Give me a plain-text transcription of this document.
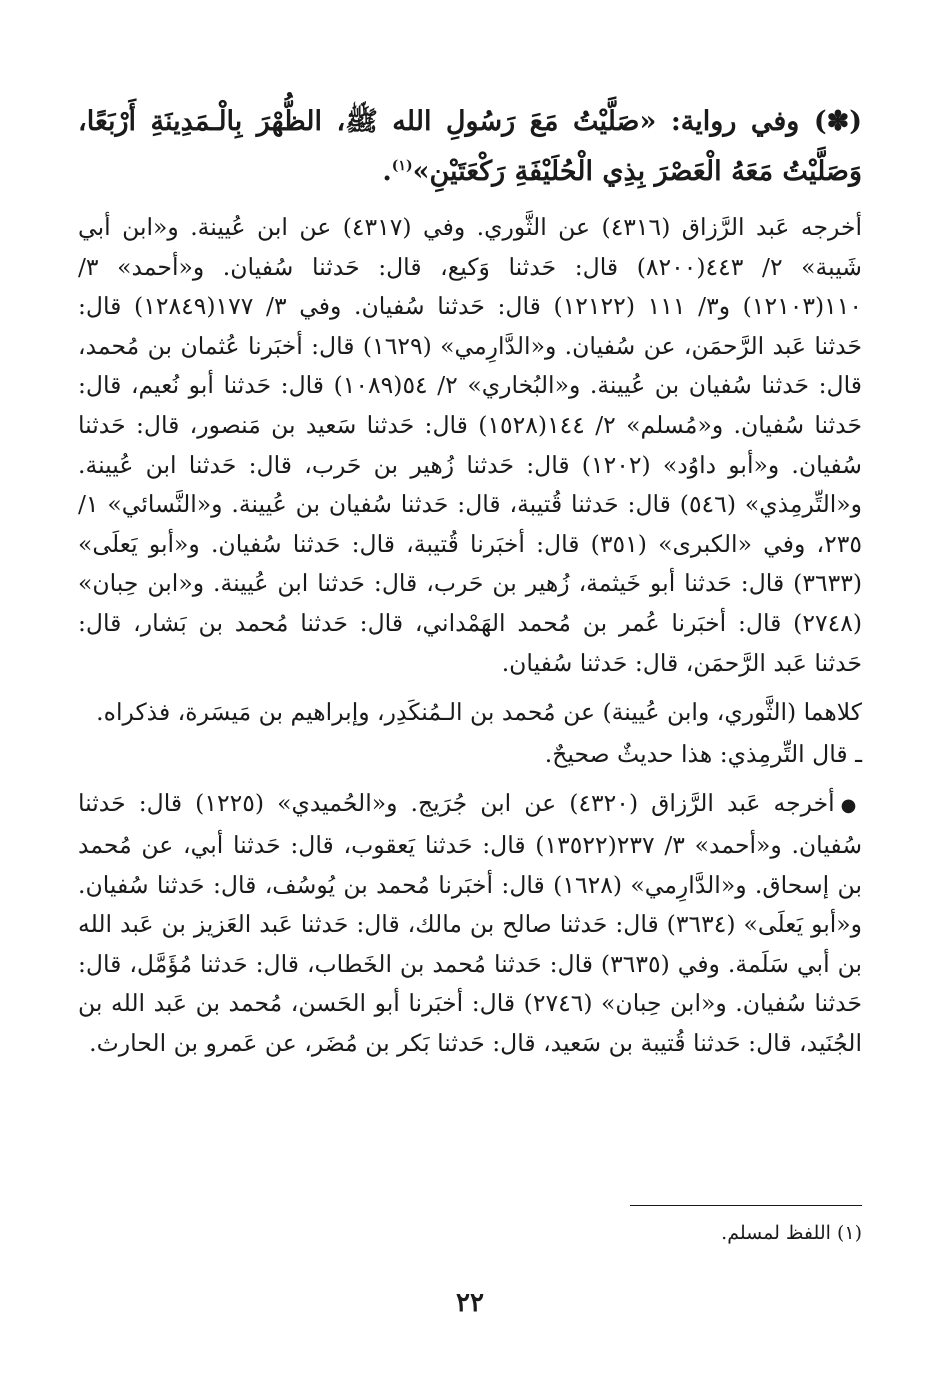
(✽) وفي رواية: «صَلَّيْتُ مَعَ رَسُولِ الله ﷺ، الظُّهْرَ بِالْـمَدِينَةِ أَرْبَعًا، وَصَلَّيْتُ مَعَهُ الْعَصْرَ بِذِي الْحُلَيْفَةِ رَكْعَتَيْنِ»$^{(١)}$.

أخرجه عَبد الرَّزاق (٤٣١٦) عن الثَّوري. وفي (٤٣١٧) عن ابن عُيينة. و«ابن أبي شَيبة» ٢/ ٤٤٣(٨٢٠٠) قال: حَدثنا وَكيع، قال: حَدثنا سُفيان. و«أحمد» ٣/ ١١٠(١٢١٠٣) و٣/ ١١١ (١٢١٢٢) قال: حَدثنا سُفيان. وفي ٣/ ١٧٧(١٢٨٤٩) قال: حَدثنا عَبد الرَّحمَن، عن سُفيان. و«الدَّارِمي» (١٦٢٩) قال: أخبَرنا عُثمان بن مُحمد، قال: حَدثنا سُفيان بن عُيينة. و«البُخاري» ٢/ ٥٤(١٠٨٩) قال: حَدثنا أبو نُعيم، قال: حَدثنا سُفيان. و«مُسلم» ٢/ ١٤٤(١٥٢٨) قال: حَدثنا سَعيد بن مَنصور، قال: حَدثنا سُفيان. و«أبو داوُد» (١٢٠٢) قال: حَدثنا زُهير بن حَرب، قال: حَدثنا ابن عُيينة. و«التِّرمِذي» (٥٤٦) قال: حَدثنا قُتيبة، قال: حَدثنا سُفيان بن عُيينة. و«النَّسائي» ١/ ٢٣٥، وفي «الكبرى» (٣٥١) قال: أخبَرنا قُتيبة، قال: حَدثنا سُفيان. و«أبو يَعلَى» (٣٦٣٣) قال: حَدثنا أبو خَيثمة، زُهير بن حَرب، قال: حَدثنا ابن عُيينة. و«ابن حِبان» (٢٧٤٨) قال: أخبَرنا عُمر بن مُحمد الهَمْداني، قال: حَدثنا مُحمد بن بَشار، قال: حَدثنا عَبد الرَّحمَن، قال: حَدثنا سُفيان.

كلاهما (الثَّوري، وابن عُيينة) عن مُحمد بن الـمُنكَدِر، وإبراهيم بن مَيسَرة، فذكراه.

ـ قال التِّرمِذي: هذا حديثٌ صحيحٌ.

●أخرجه عَبد الرَّزاق (٤٣٢٠) عن ابن جُرَيج. و«الحُميدي» (١٢٢٥) قال: حَدثنا سُفيان. و«أحمد» ٣/ ٢٣٧(١٣٥٢٢) قال: حَدثنا يَعقوب، قال: حَدثنا أبي، عن مُحمد بن إسحاق. و«الدَّارِمي» (١٦٢٨) قال: أخبَرنا مُحمد بن يُوسُف، قال: حَدثنا سُفيان. و«أبو يَعلَى» (٣٦٣٤) قال: حَدثنا صالح بن مالك، قال: حَدثنا عَبد العَزيز بن عَبد الله بن أبي سَلَمة. وفي (٣٦٣٥) قال: حَدثنا مُحمد بن الخَطاب، قال: حَدثنا مُؤَمَّل، قال: حَدثنا سُفيان. و«ابن حِبان» (٢٧٤٦) قال: أخبَرنا أبو الحَسن، مُحمد بن عَبد الله بن الجُنَيد، قال: حَدثنا قُتيبة بن سَعيد، قال: حَدثنا بَكر بن مُضَر، عن عَمرو بن الحارث.

(١) اللفظ لمسلم.
٢٢
